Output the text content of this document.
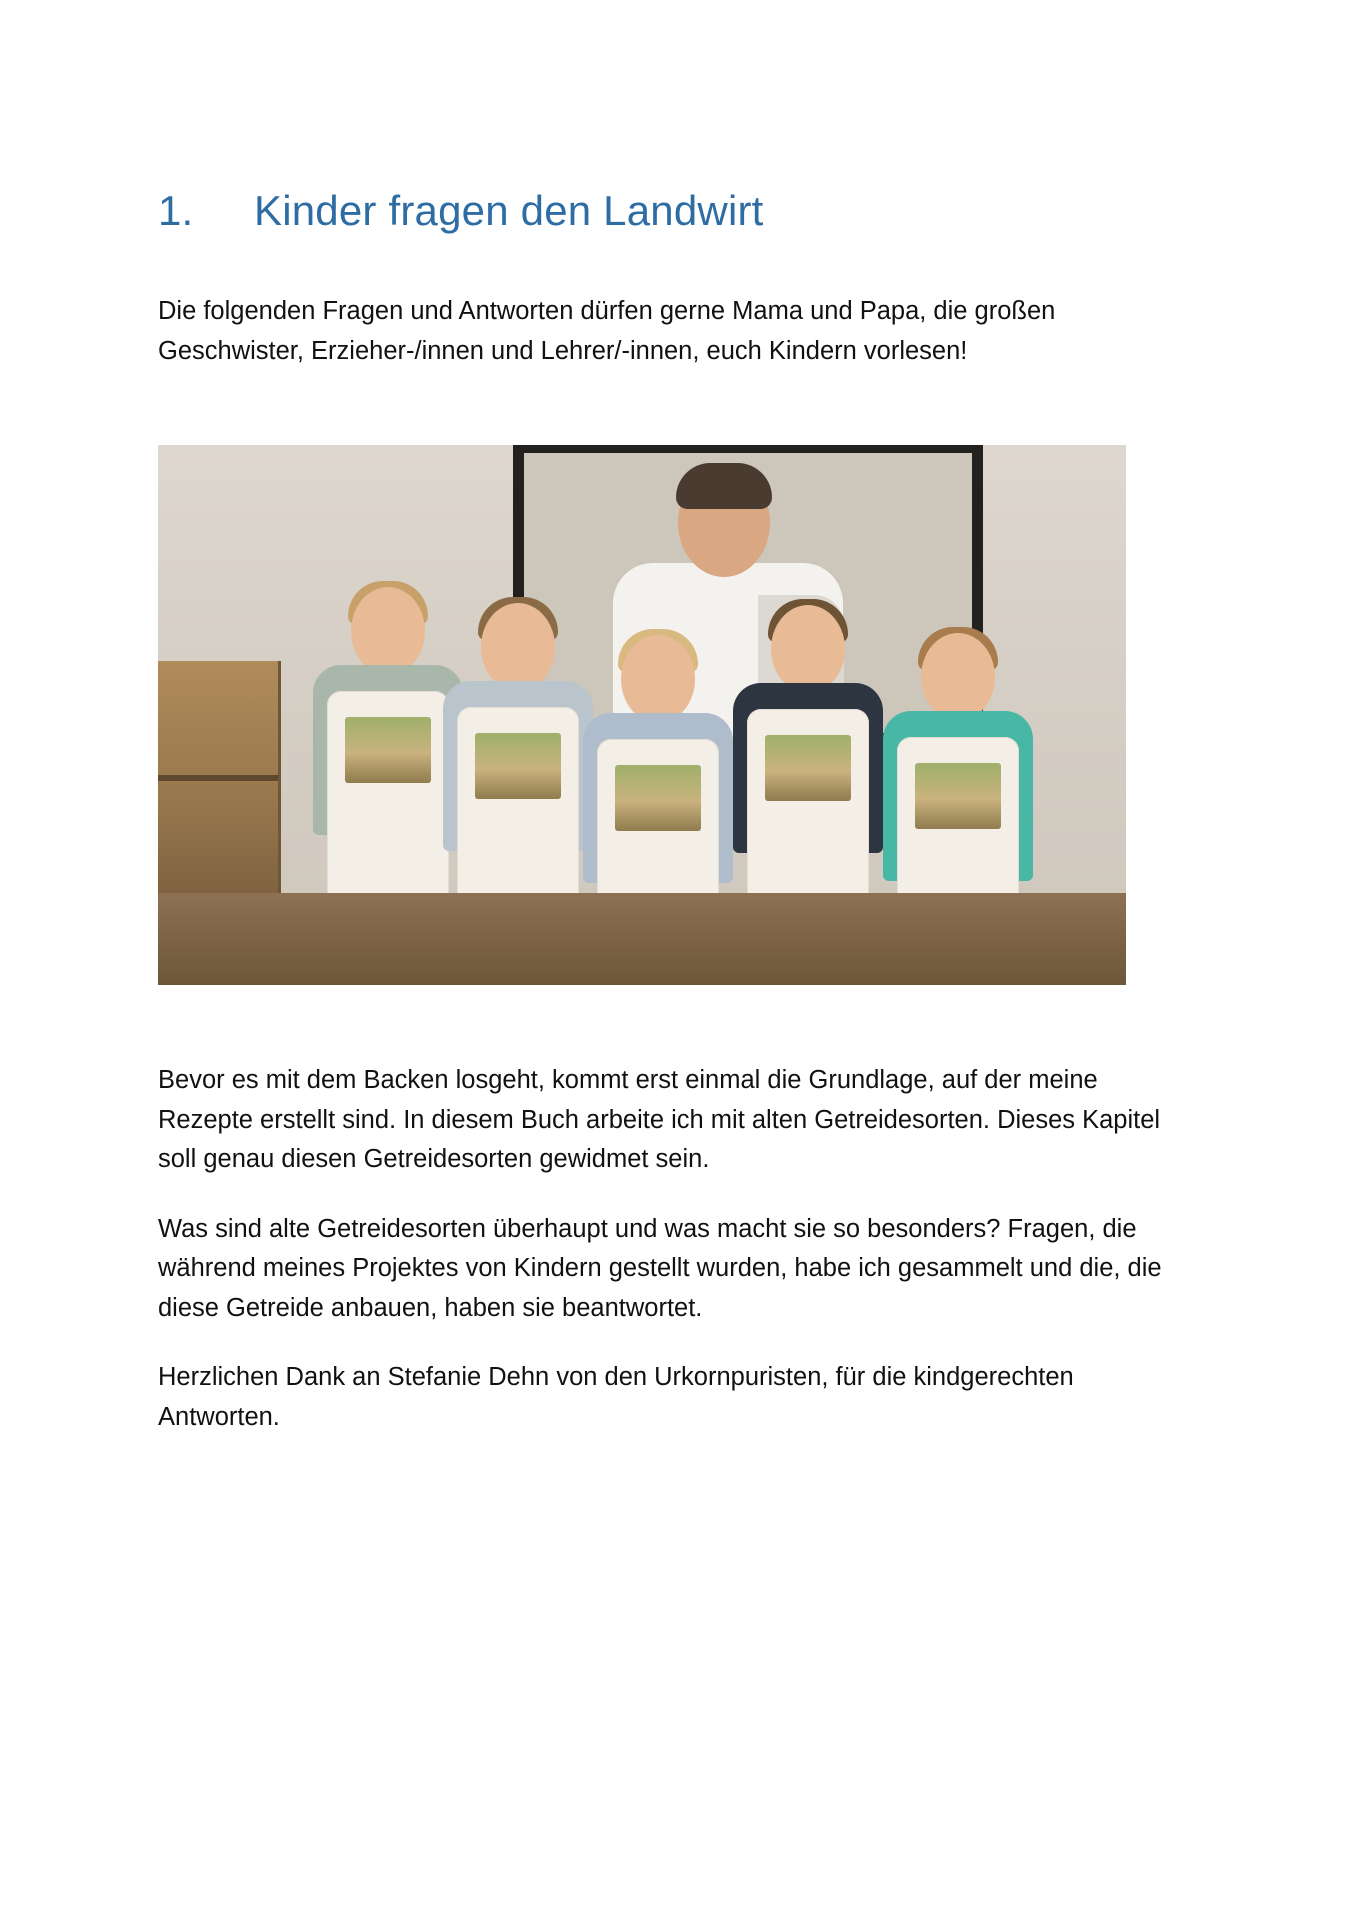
1.	Kinder fragen den Landwirt

Die folgenden Fragen und Antworten dürfen gerne Mama und Papa, die großen Geschwister, Erzieher-/innen und Lehrer/-innen, euch Kindern vorlesen!

Bevor es mit dem Backen losgeht, kommt erst einmal die Grundlage, auf der meine Rezepte erstellt sind. In diesem Buch arbeite ich mit alten Getreidesorten. Dieses Kapitel soll genau diesen Getreidesorten gewidmet sein.

Was sind alte Getreidesorten überhaupt und was macht sie so besonders? Fragen, die während meines Projektes von Kindern gestellt wurden, habe ich gesammelt und die, die diese Getreide anbauen, haben sie beantwortet.

Herzlichen Dank an Stefanie Dehn von den Urkornpuristen, für die kindgerechten Antworten.
